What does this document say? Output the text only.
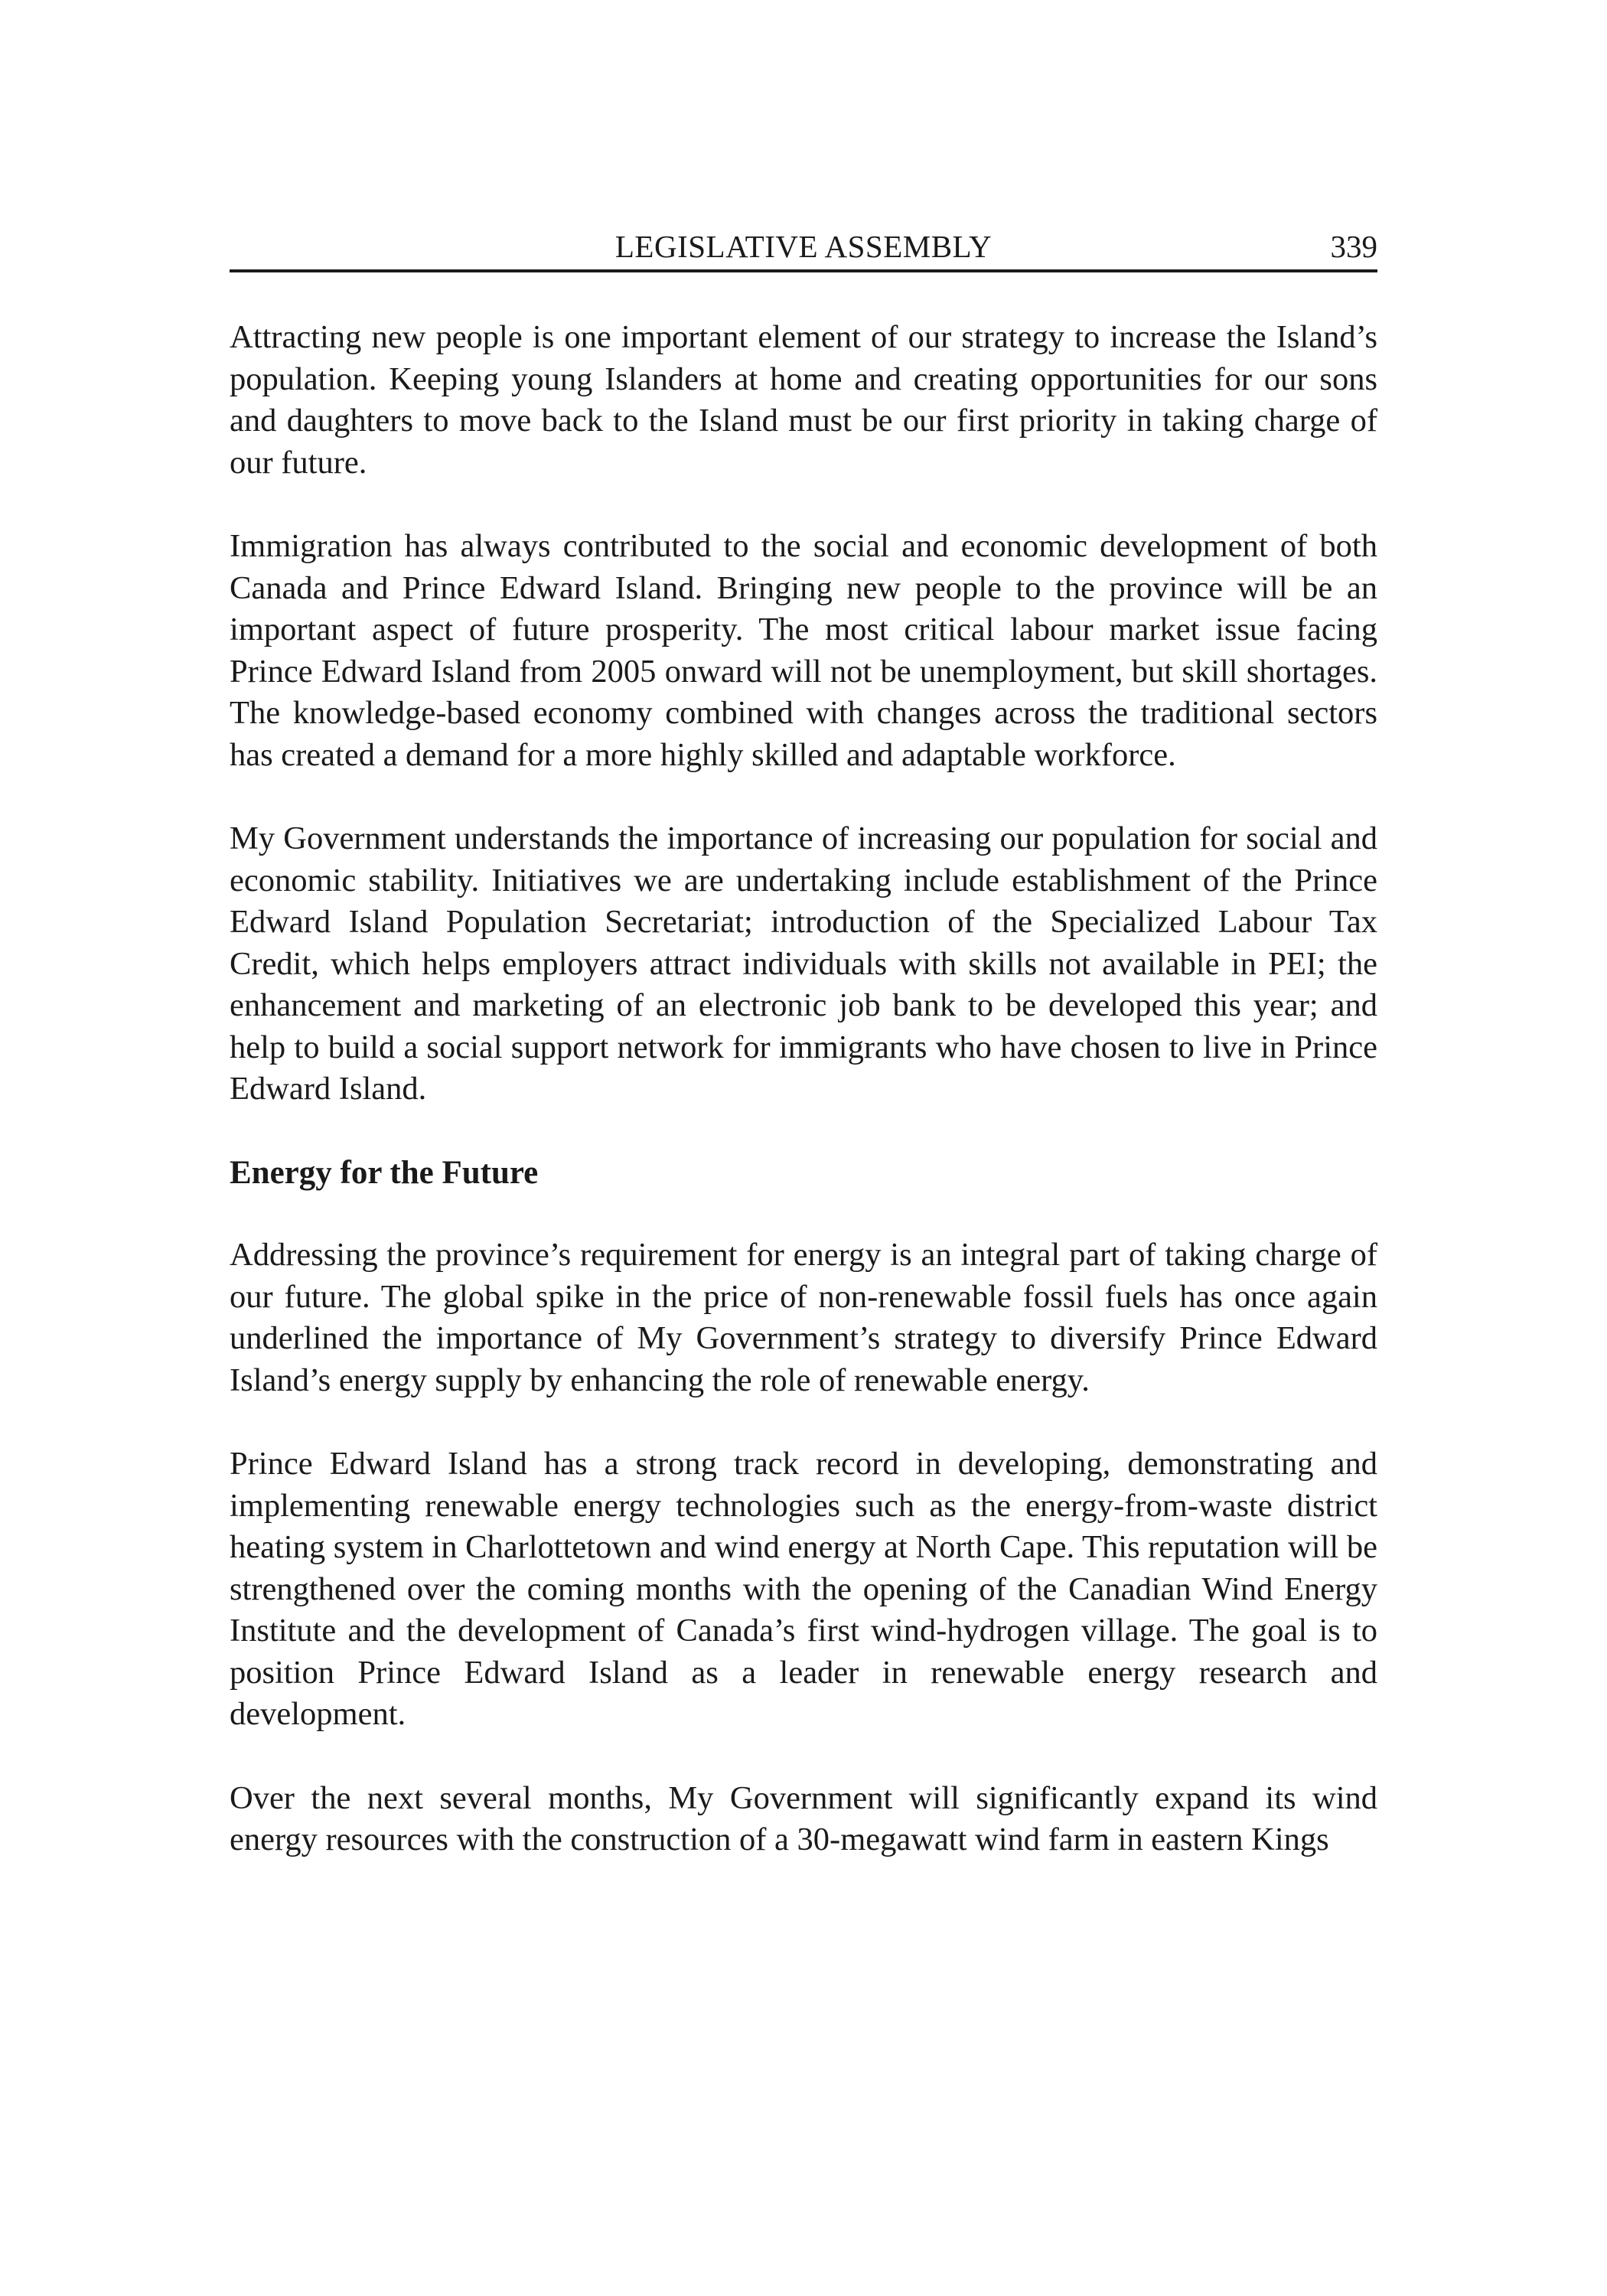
LEGISLATIVE ASSEMBLY	339

Attracting new people is one important element of our strategy to increase the Island’s population. Keeping young Islanders at home and creating opportunities for our sons and daughters to move back to the Island must be our first priority in taking charge of our future.

Immigration has always contributed to the social and economic development of both Canada and Prince Edward Island. Bringing new people to the province will be an important aspect of future prosperity. The most critical labour market issue facing Prince Edward Island from 2005 onward will not be unemployment, but skill shortages. The knowledge-based economy combined with changes across the traditional sectors has created a demand for a more highly skilled and adaptable workforce.

My Government understands the importance of increasing our population for social and economic stability. Initiatives we are undertaking include establishment of the Prince Edward Island Population Secretariat; introduction of the Specialized Labour Tax Credit, which helps employers attract individuals with skills not available in PEI; the enhancement and marketing of an electronic job bank to be developed this year; and help to build a social support network for immigrants who have chosen to live in Prince Edward Island.

Energy for the Future

Addressing the province’s requirement for energy is an integral part of taking charge of our future. The global spike in the price of non-renewable fossil fuels has once again underlined the importance of My Government’s strategy to diversify Prince Edward Island’s energy supply by enhancing the role of renewable energy.

Prince Edward Island has a strong track record in developing, demonstrating and implementing renewable energy technologies such as the energy-from-waste district heating system in Charlottetown and wind energy at North Cape. This reputation will be strengthened over the coming months with the opening of the Canadian Wind Energy Institute and the development of Canada’s first wind-hydrogen village. The goal is to position Prince Edward Island as a leader in renewable energy research and development.

Over the next several months, My Government will significantly expand its wind energy resources with the construction of a 30-megawatt wind farm in eastern Kings
